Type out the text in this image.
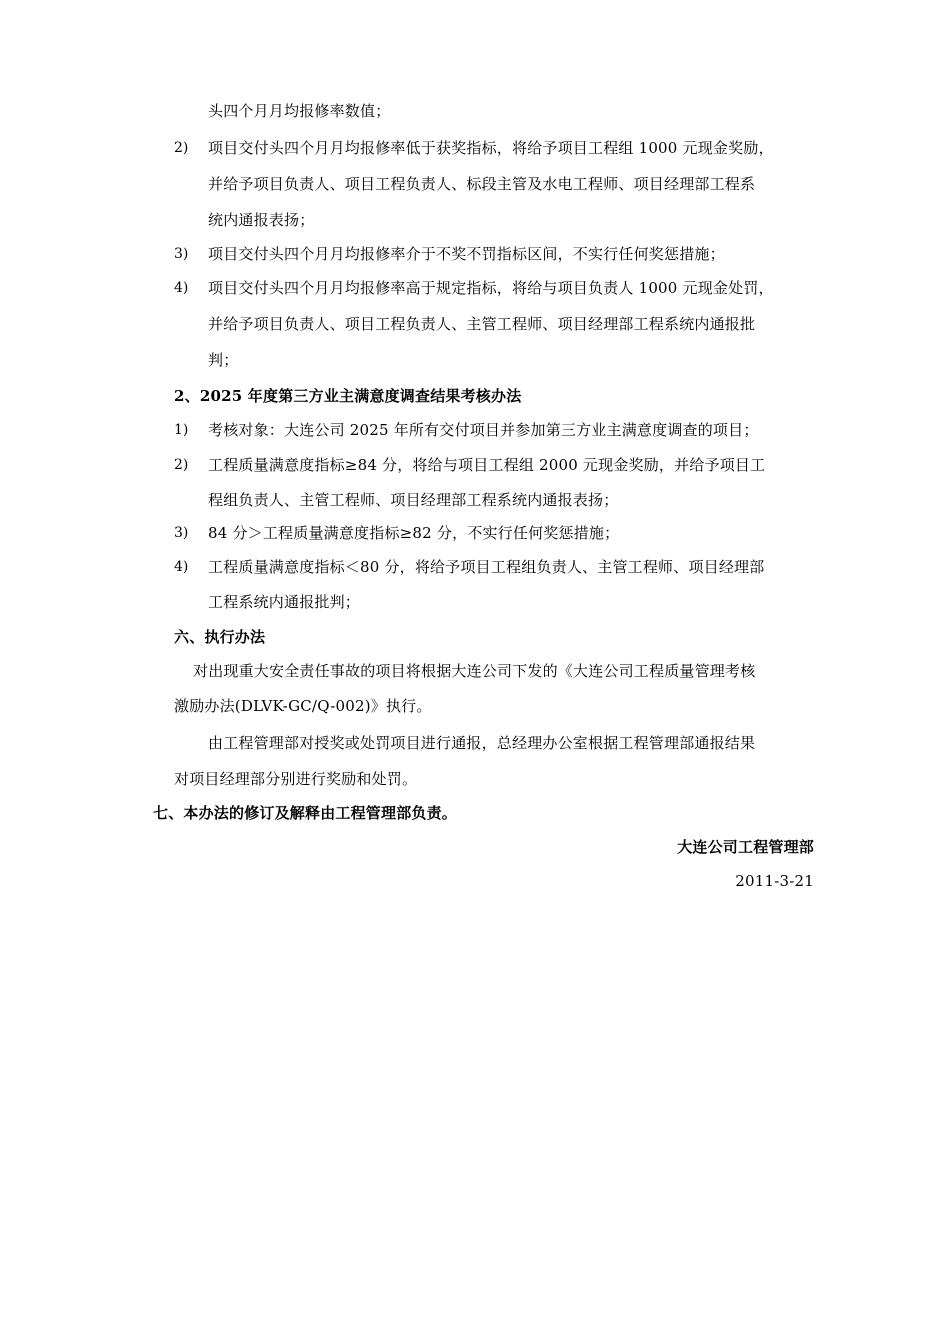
头四个月月均报修率数值；
2) 项目交付头四个月月均报修率低于获奖指标，将给予项目工程组 1000 元现金奖励，
并给予项目负责人、项目工程负责人、标段主管及水电工程师、项目经理部工程系
统内通报表扬；
3) 项目交付头四个月月均报修率介于不奖不罚指标区间，不实行任何奖惩措施；
4) 项目交付头四个月月均报修率高于规定指标，将给与项目负责人 1000 元现金处罚，
并给予项目负责人、项目工程负责人、主管工程师、项目经理部工程系统内通报批
判；
2、2025 年度第三方业主满意度调查结果考核办法
1) 考核对象：大连公司 2025 年所有交付项目并参加第三方业主满意度调查的项目；
2) 工程质量满意度指标≥84 分，将给与项目工程组 2000 元现金奖励，并给予项目工
程组负责人、主管工程师、项目经理部工程系统内通报表扬；
3) 84 分＞工程质量满意度指标≥82 分，不实行任何奖惩措施；
4) 工程质量满意度指标＜80 分，将给予项目工程组负责人、主管工程师、项目经理部
工程系统内通报批判；
六、执行办法
对出现重大安全责任事故的项目将根据大连公司下发的《大连公司工程质量管理考核
激励办法(DLVK-GC/Q-002)》执行。
由工程管理部对授奖或处罚项目进行通报，总经理办公室根据工程管理部通报结果
对项目经理部分别进行奖励和处罚。
七、本办法的修订及解释由工程管理部负责。
大连公司工程管理部
2011-3-21
